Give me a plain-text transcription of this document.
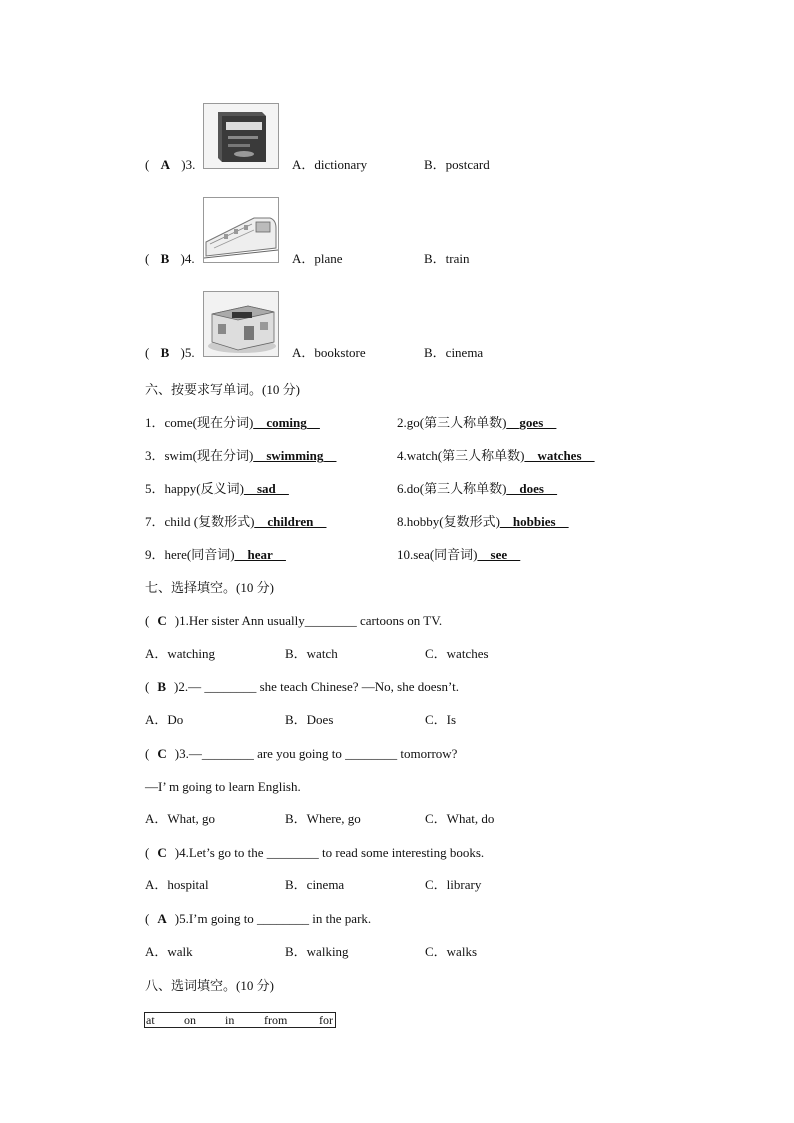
( A )3.	A．dictionary	B．postcard
( B )4.	A．plane	B．train
( B )5.	A．bookstore	B．cinema
六、按要求写单词。(10 分)
1．come(现在分词)__coming__	2.go(第三人称单数)__goes__
3．swim(现在分词)__swimming__	4.watch(第三人称单数)__watches__
5．happy(反义词)__sad__	6.do(第三人称单数)__does__
7．child (复数形式)__children__	8.hobby(复数形式)__hobbies__
9．here(同音词)__hear__	10.sea(同音词)__see__
七、选择填空。(10 分)
( C )1.Her sister Ann usually________ cartoons on TV.
A．watching	B．watch	C．watches
( B )2.— ________ she teach Chinese? —No, she doesn’t.
A．Do	B．Does	C．Is
( C )3.—________ are you going to ________ tomorrow?
—I’ m going to learn English.
A．What, go	B．Where, go	C．What, do
( C )4.Let’s go to the ________ to read some interesting books.
A．hospital	B．cinema	C．library
( A )5.I’m going to ________ in the park.
A．walk	B．walking	C．walks
八、选词填空。(10 分)
at on in from	for
